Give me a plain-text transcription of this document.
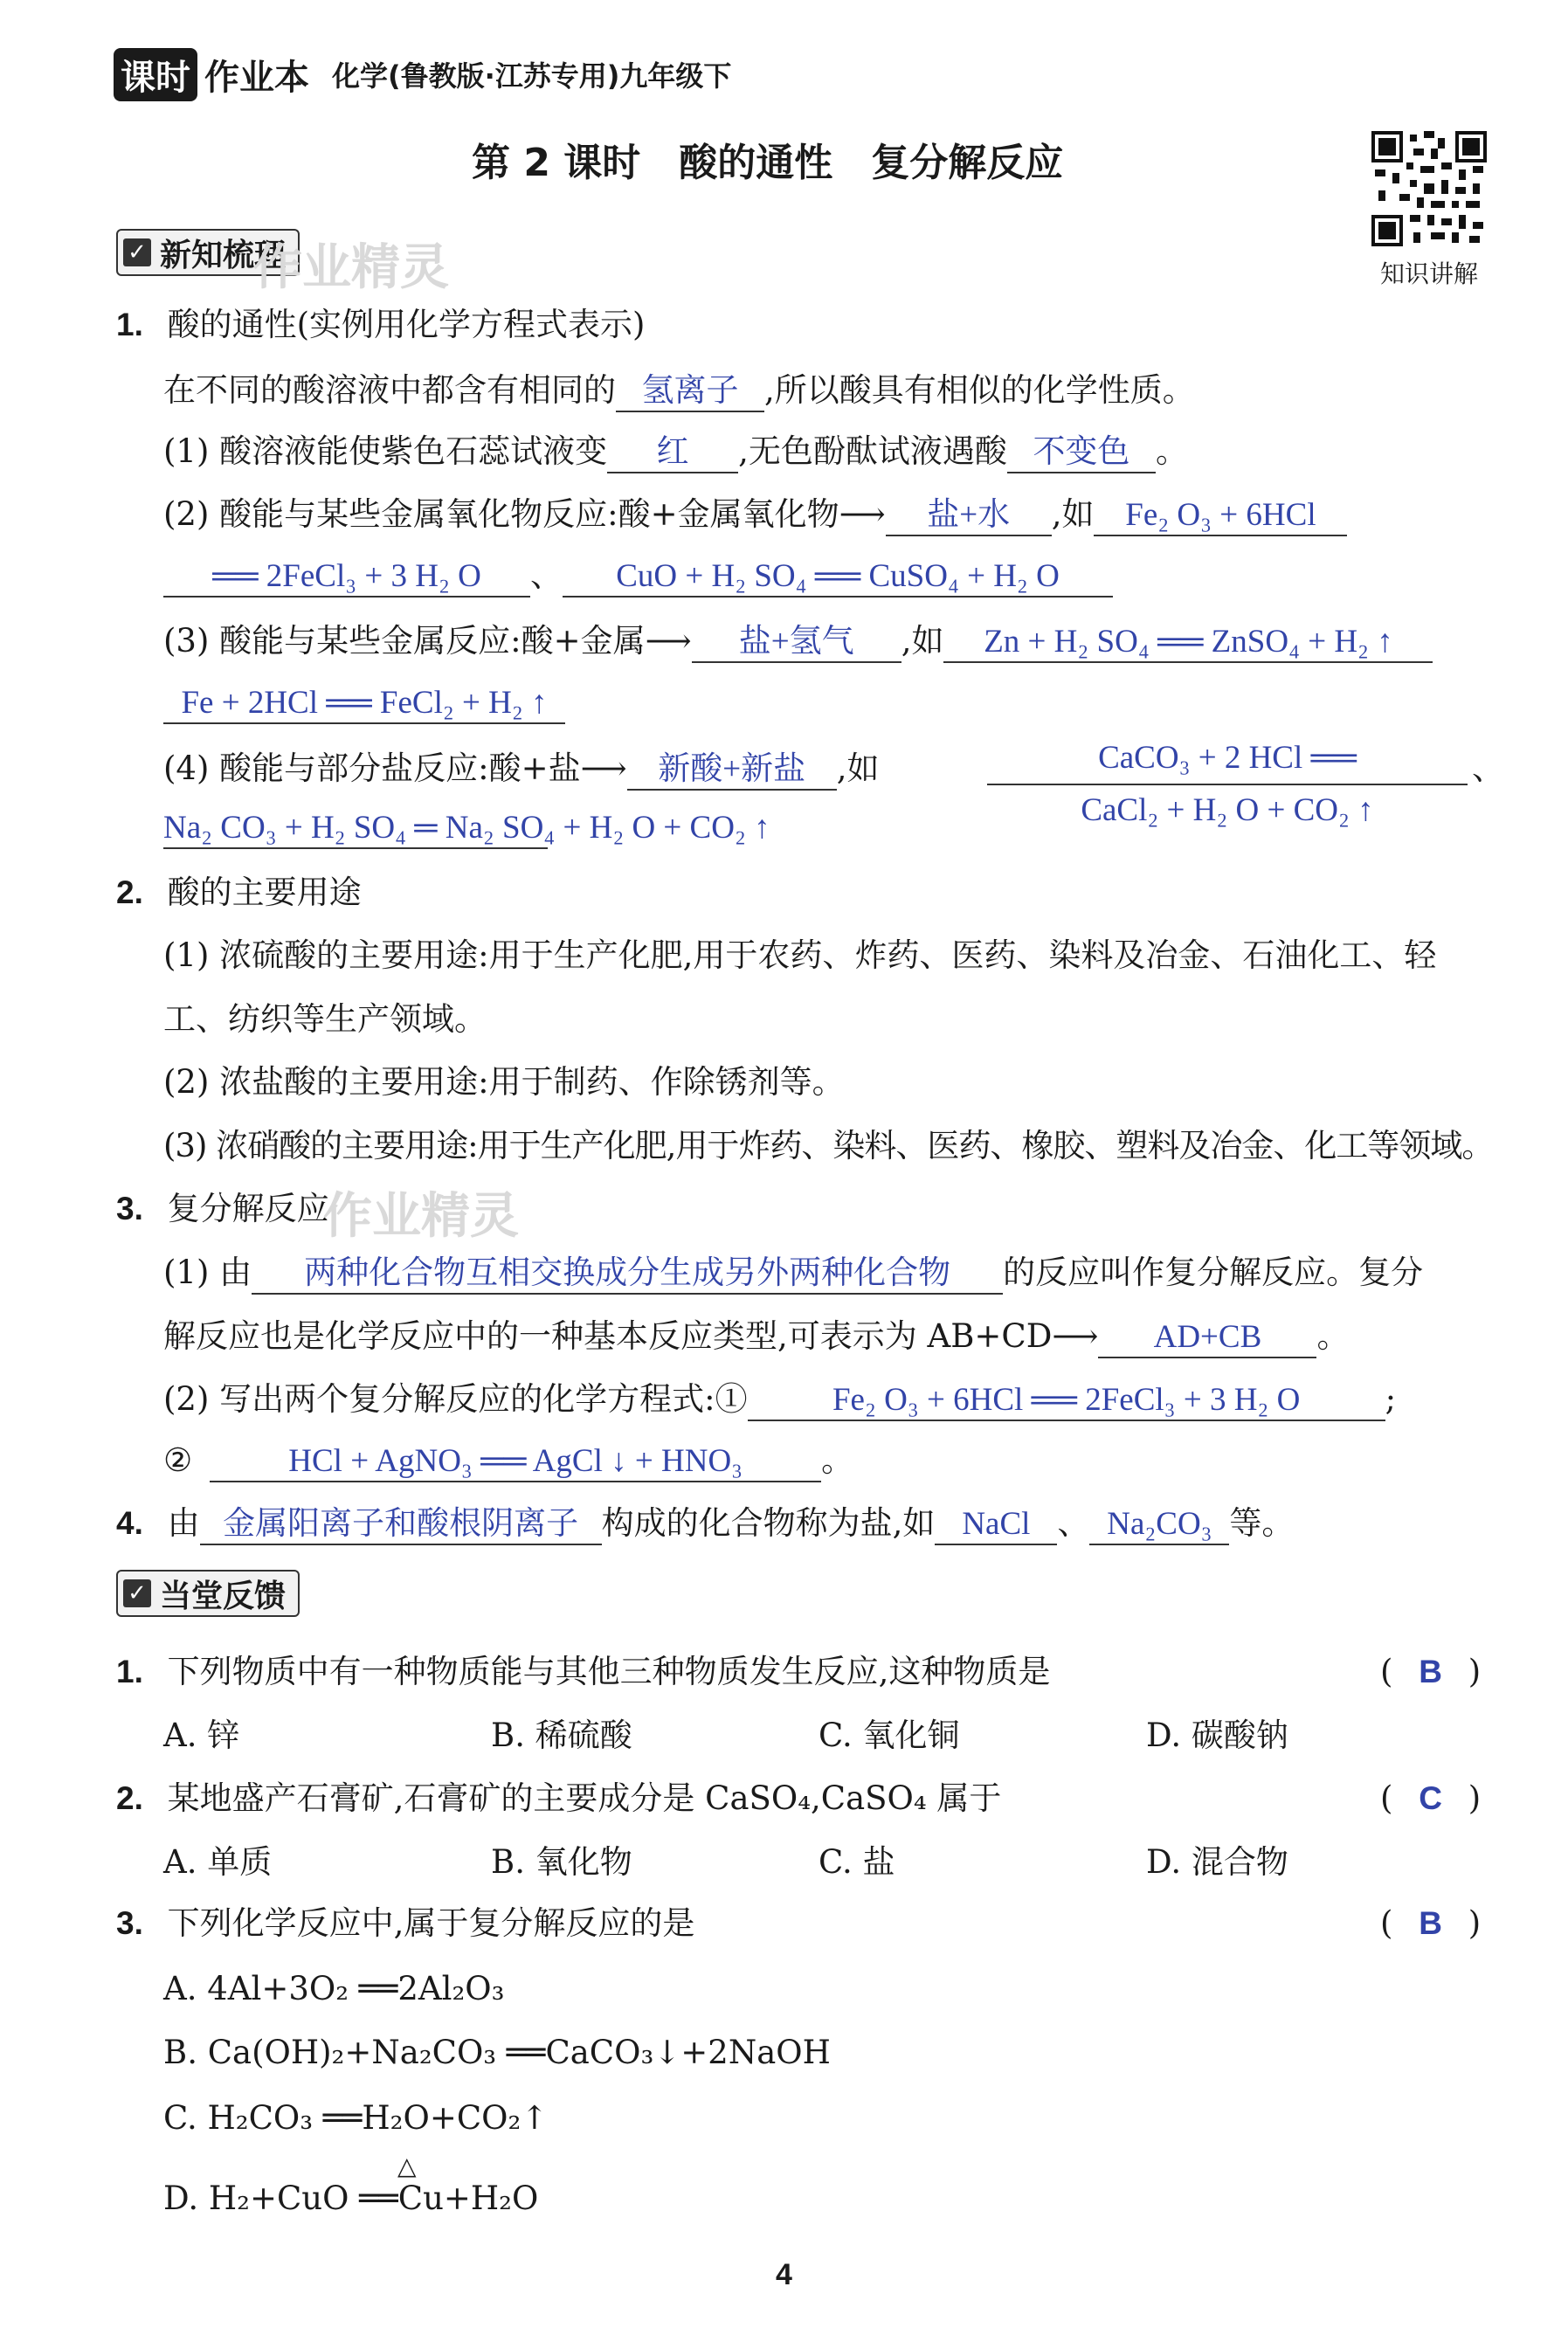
课时 作业本 化学(鲁教版·江苏专用)九年级下
第 2 课时　酸的通性　复分解反应
知识讲解
✓ 新知梳理
作业精灵
1. 酸的通性(实例用化学方程式表示)
在不同的酸溶液中都含有相同的 氢离子 ,所以酸具有相似的化学性质。
(1) 酸溶液能使紫色石蕊试液变 红 ,无色酚酞试液遇酸 不变色 。
(2) 酸能与某些金属氧化物反应:酸+金属氧化物⟶ 盐+水 ,如 Fe₂ O₃ + 6HCl
══ 2FeCl₃ + 3 H₂ O 、 CuO + H₂ SO₄ ══ CuSO₄ + H₂ O
(3) 酸能与某些金属反应:酸+金属⟶ 盐+氢气 ,如 Zn + H₂ SO₄ ══ ZnSO₄ + H₂ ↑
Fe + 2HCl ══ FeCl₂ + H₂ ↑
(4) 酸能与部分盐反应:酸+盐⟶ 新酸+新盐 ,如	CaCO₃ + 2 HCl ══	、
CaCl₂ + H₂ O + CO₂ ↑
Na₂ CO₃ + H₂ SO₄ ═ Na₂ SO₄ + H₂ O + CO₂ ↑
2. 酸的主要用途
(1) 浓硫酸的主要用途:用于生产化肥,用于农药、炸药、医药、染料及冶金、石油化工、轻
工、纺织等生产领域。
(2) 浓盐酸的主要用途:用于制药、作除锈剂等。
(3) 浓硝酸的主要用途:用于生产化肥,用于炸药、染料、医药、橡胶、塑料及冶金、化工等领域。
3. 复分解反应
作业精灵
(1) 由 两种化合物互相交换成分生成另外两种化合物 的反应叫作复分解反应。复分
解反应也是化学反应中的一种基本反应类型,可表示为 AB+CD⟶ AD+CB 。
(2) 写出两个复分解反应的化学方程式:①	Fe₂ O₃ + 6HCl ══ 2FeCl₃ + 3 H₂ O	;
②	HCl + AgNO₃ ══ AgCl ↓ + HNO₃ 。
4. 由 金属阳离子和酸根阴离子 构成的化合物称为盐,如 NaCl 、 Na₂CO₃ 等。
✓ 当堂反馈
1. 下列物质中有一种物质能与其他三种物质发生反应,这种物质是	( B )
A. 锌	B. 稀硫酸	C. 氧化铜	D. 碳酸钠
2. 某地盛产石膏矿,石膏矿的主要成分是 CaSO₄,CaSO₄ 属于	( C )
A. 单质	B. 氧化物	C. 盐	D. 混合物
3. 下列化学反应中,属于复分解反应的是	( B )
A. 4Al+3O₂ ══2Al₂O₃
B. Ca(OH)₂+Na₂CO₃ ══CaCO₃↓+2NaOH
C. H₂CO₃ ══H₂O+CO₂↑
△
D. H₂+CuO ══Cu+H₂O
4
